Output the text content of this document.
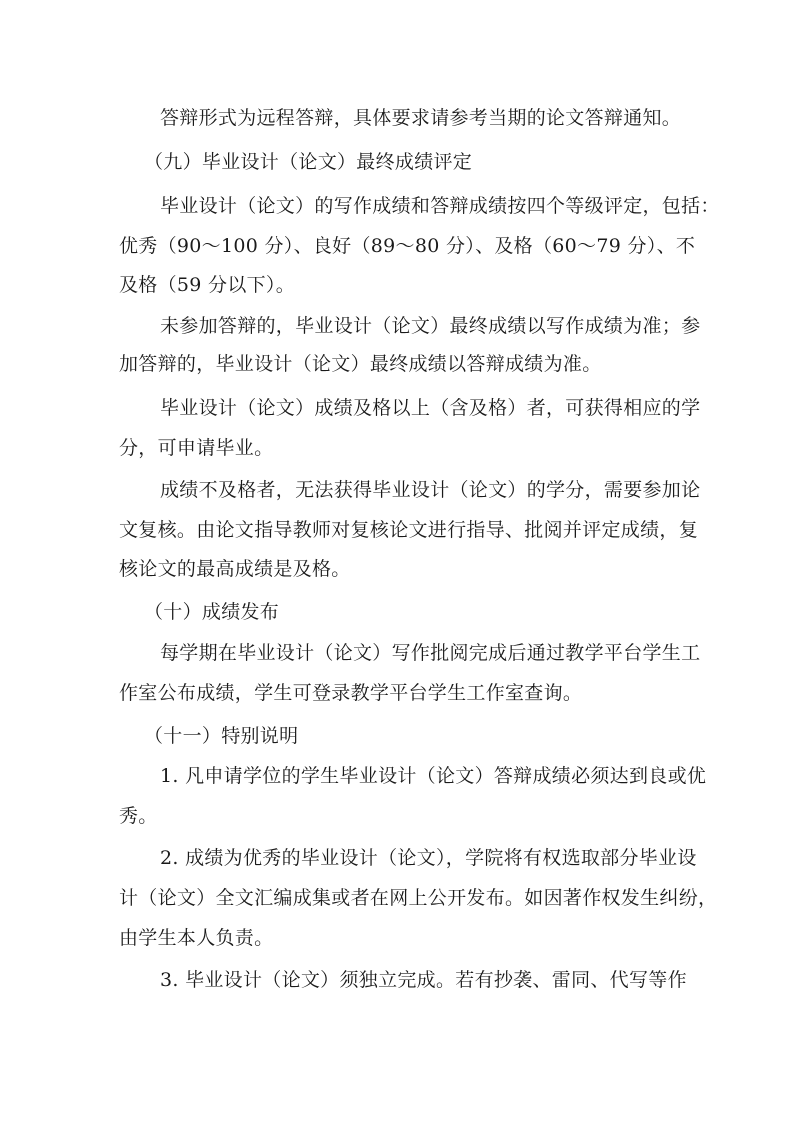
答辩形式为远程答辩，具体要求请参考当期的论文答辩通知。
（九）毕业设计（论文）最终成绩评定
毕业设计（论文）的写作成绩和答辩成绩按四个等级评定，包括：
优秀（90～100 分）、良好（89～80 分）、及格（60～79 分）、不
及格（59 分以下）。
未参加答辩的，毕业设计（论文）最终成绩以写作成绩为准；参
加答辩的，毕业设计（论文）最终成绩以答辩成绩为准。
毕业设计（论文）成绩及格以上（含及格）者，可获得相应的学
分，可申请毕业。
成绩不及格者，无法获得毕业设计（论文）的学分，需要参加论
文复核。由论文指导教师对复核论文进行指导、批阅并评定成绩，复
核论文的最高成绩是及格。
（十）成绩发布
每学期在毕业设计（论文）写作批阅完成后通过教学平台学生工
作室公布成绩，学生可登录教学平台学生工作室查询。
（十一）特别说明
1. 凡申请学位的学生毕业设计（论文）答辩成绩必须达到良或优
秀。
2. 成绩为优秀的毕业设计（论文），学院将有权选取部分毕业设
计（论文）全文汇编成集或者在网上公开发布。如因著作权发生纠纷，
由学生本人负责。
3. 毕业设计（论文）须独立完成。若有抄袭、雷同、代写等作
